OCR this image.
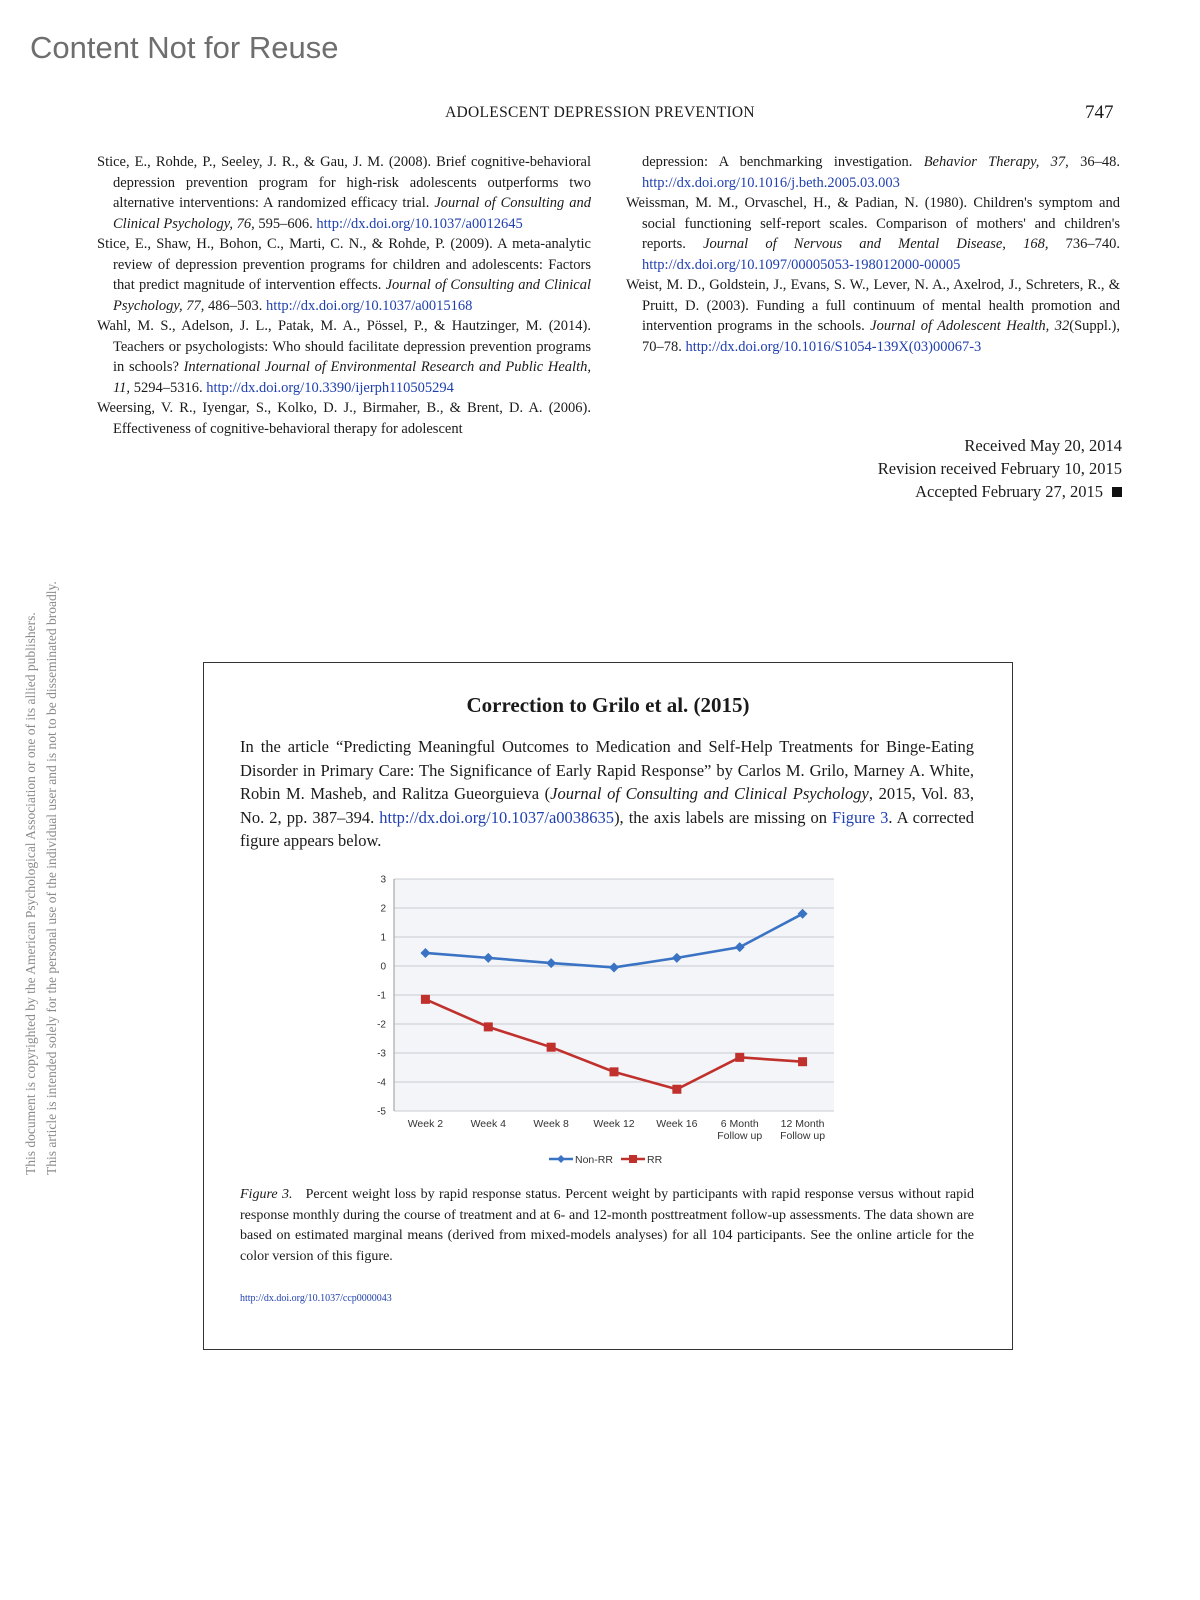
Content Not for Reuse
ADOLESCENT DEPRESSION PREVENTION	747
This document is copyrighted by the American Psychological Association or one of its allied publishers. This article is intended solely for the personal use of the individual user and is not to be disseminated broadly.

Stice, E., Rohde, P., Seeley, J. R., & Gau, J. M. (2008). Brief cognitive-behavioral depression prevention program for high-risk adolescents outperforms two alternative interventions: A randomized efficacy trial. Journal of Consulting and Clinical Psychology, 76, 595–606. http://dx.doi.org/10.1037/a0012645

Stice, E., Shaw, H., Bohon, C., Marti, C. N., & Rohde, P. (2009). A meta-analytic review of depression prevention programs for children and adolescents: Factors that predict magnitude of intervention effects. Journal of Consulting and Clinical Psychology, 77, 486–503. http://dx.doi.org/10.1037/a0015168

Wahl, M. S., Adelson, J. L., Patak, M. A., Pössel, P., & Hautzinger, M. (2014). Teachers or psychologists: Who should facilitate depression prevention programs in schools? International Journal of Environmental Research and Public Health, 11, 5294–5316. http://dx.doi.org/10.3390/ijerph110505294

Weersing, V. R., Iyengar, S., Kolko, D. J., Birmaher, B., & Brent, D. A. (2006). Effectiveness of cognitive-behavioral therapy for adolescent

depression: A benchmarking investigation. Behavior Therapy, 37, 36–48. http://dx.doi.org/10.1016/j.beth.2005.03.003

Weissman, M. M., Orvaschel, H., & Padian, N. (1980). Children's symptom and social functioning self-report scales. Comparison of mothers' and children's reports. Journal of Nervous and Mental Disease, 168, 736–740. http://dx.doi.org/10.1097/00005053-198012000-00005

Weist, M. D., Goldstein, J., Evans, S. W., Lever, N. A., Axelrod, J., Schreters, R., & Pruitt, D. (2003). Funding a full continuum of mental health promotion and intervention programs in the schools. Journal of Adolescent Health, 32(Suppl.), 70–78. http://dx.doi.org/10.1016/S1054-139X(03)00067-3

Received May 20, 2014
Revision received February 10, 2015
Accepted February 27, 2015
Correction to Grilo et al. (2015)
In the article “Predicting Meaningful Outcomes to Medication and Self-Help Treatments for Binge-Eating Disorder in Primary Care: The Significance of Early Rapid Response” by Carlos M. Grilo, Marney A. White, Robin M. Masheb, and Ralitza Gueorguieva (Journal of Consulting and Clinical Psychology, 2015, Vol. 83, No. 2, pp. 387–394. http://dx.doi.org/10.1037/a0038635), the axis labels are missing on Figure 3. A corrected figure appears below.
3
2
1
0
-1
-2
-3
-4
-5
Week 2	Week 4	Week 8 Week 12 Week 16 6 Month
Follow up
12 Month
Follow up
Non-RR	RR
Figure 3. Percent weight loss by rapid response status. Percent weight by participants with rapid response versus without rapid response monthly during the course of treatment and at 6- and 12-month posttreatment follow-up assessments. The data shown are based on estimated marginal means (derived from mixed-models analyses) for all 104 participants. See the online article for the color version of this figure.
http://dx.doi.org/10.1037/ccp0000043
